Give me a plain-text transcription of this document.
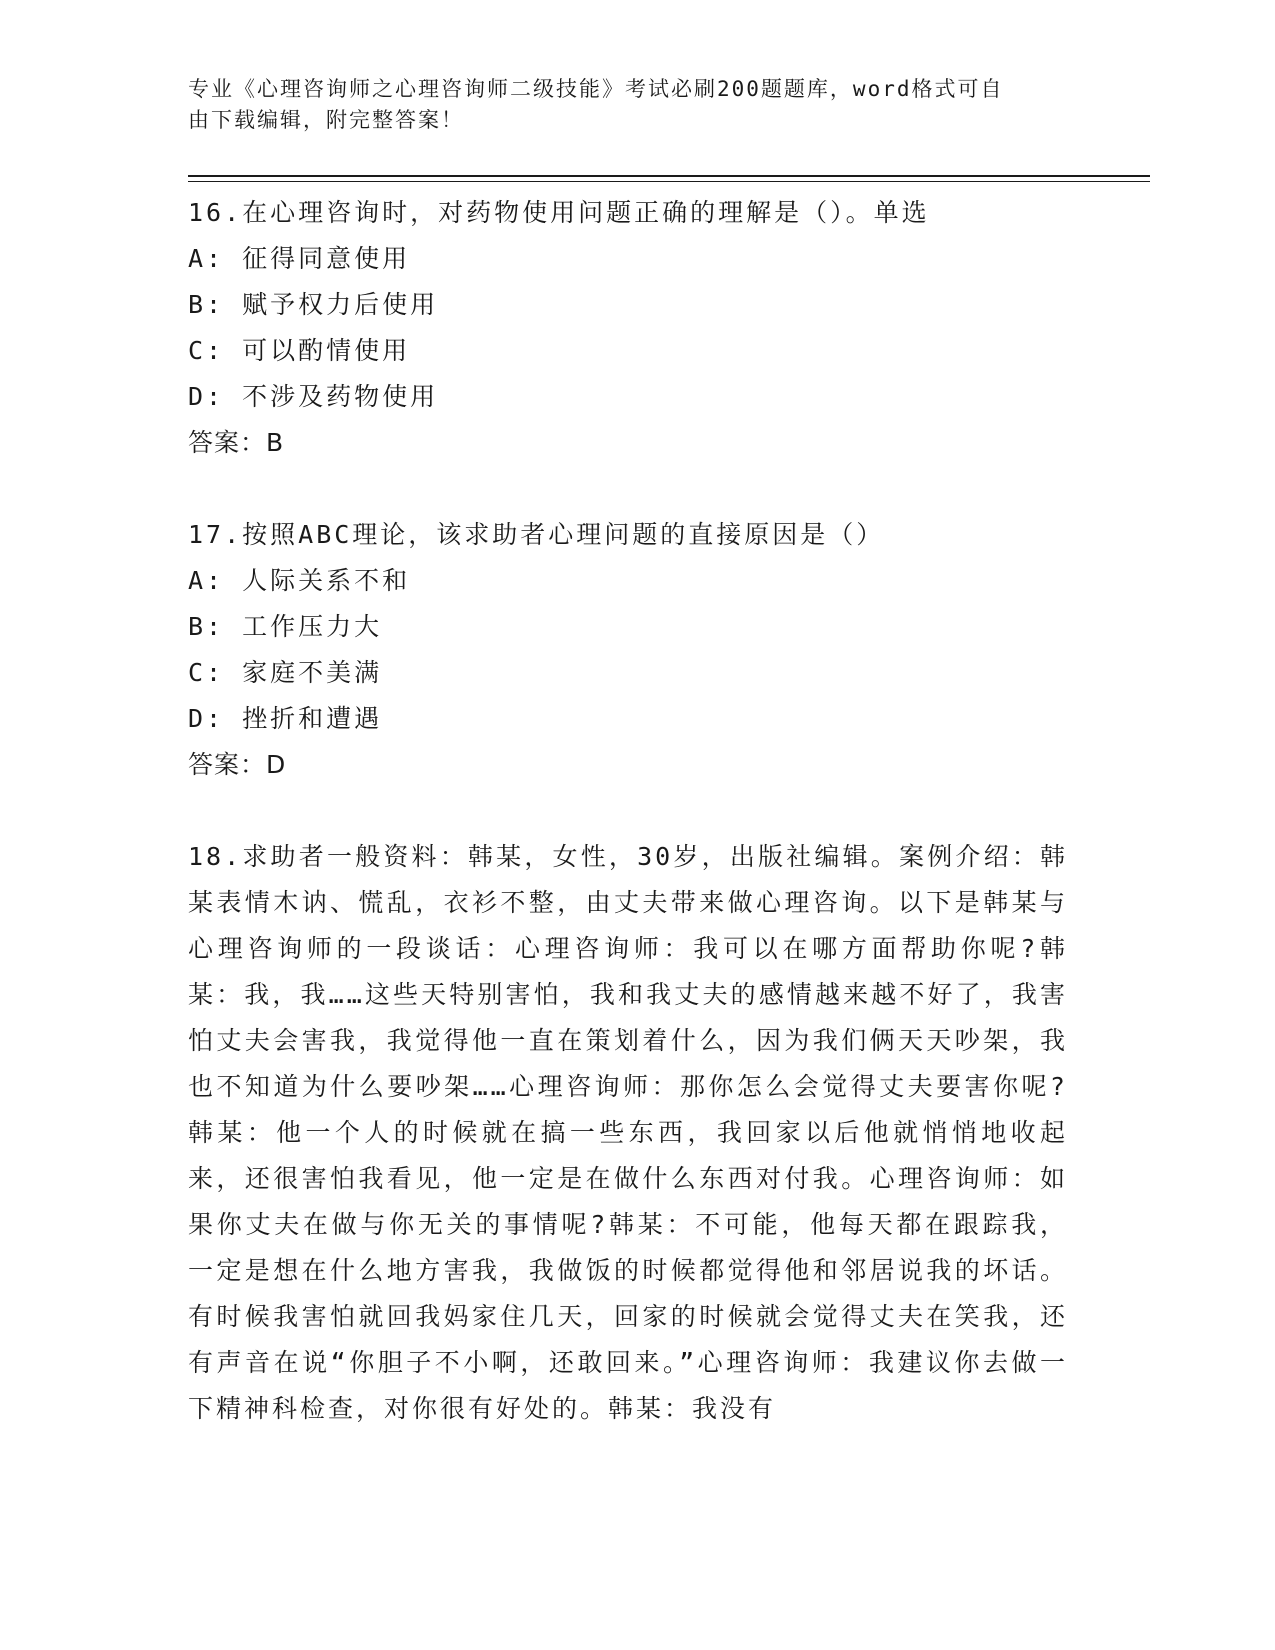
专业《心理咨询师之心理咨询师二级技能》考试必刷200题题库，word格式可自

由下载编辑，附完整答案！

16.在心理咨询时，对药物使用问题正确的理解是（）。单选

A: 征得同意使用

B: 赋予权力后使用

C: 可以酌情使用

D: 不涉及药物使用

答案：B

17.按照ABC理论，该求助者心理问题的直接原因是（）

A: 人际关系不和

B: 工作压力大

C: 家庭不美满

D: 挫折和遭遇

答案：D

18.求助者一般资料：韩某，女性，30岁，出版社编辑。案例介绍：韩某表情木讷、慌乱，衣衫不整，由丈夫带来做心理咨询。以下是韩某与心理咨询师的一段谈话：心理咨询师：我可以在哪方面帮助你呢?韩某：我，我……这些天特别害怕，我和我丈夫的感情越来越不好了，我害怕丈夫会害我，我觉得他一直在策划着什么，因为我们俩天天吵架，我也不知道为什么要吵架……心理咨询师：那你怎么会觉得丈夫要害你呢?韩某：他一个人的时候就在搞一些东西，我回家以后他就悄悄地收起来，还很害怕我看见，他一定是在做什么东西对付我。心理咨询师：如果你丈夫在做与你无关的事情呢?韩某：不可能，他每天都在跟踪我，一定是想在什么地方害我，我做饭的时候都觉得他和邻居说我的坏话。有时候我害怕就回我妈家住几天，回家的时候就会觉得丈夫在笑我，还有声音在说“你胆子不小啊，还敢回来。”心理咨询师：我建议你去做一下精神科检查，对你很有好处的。韩某：我没有
